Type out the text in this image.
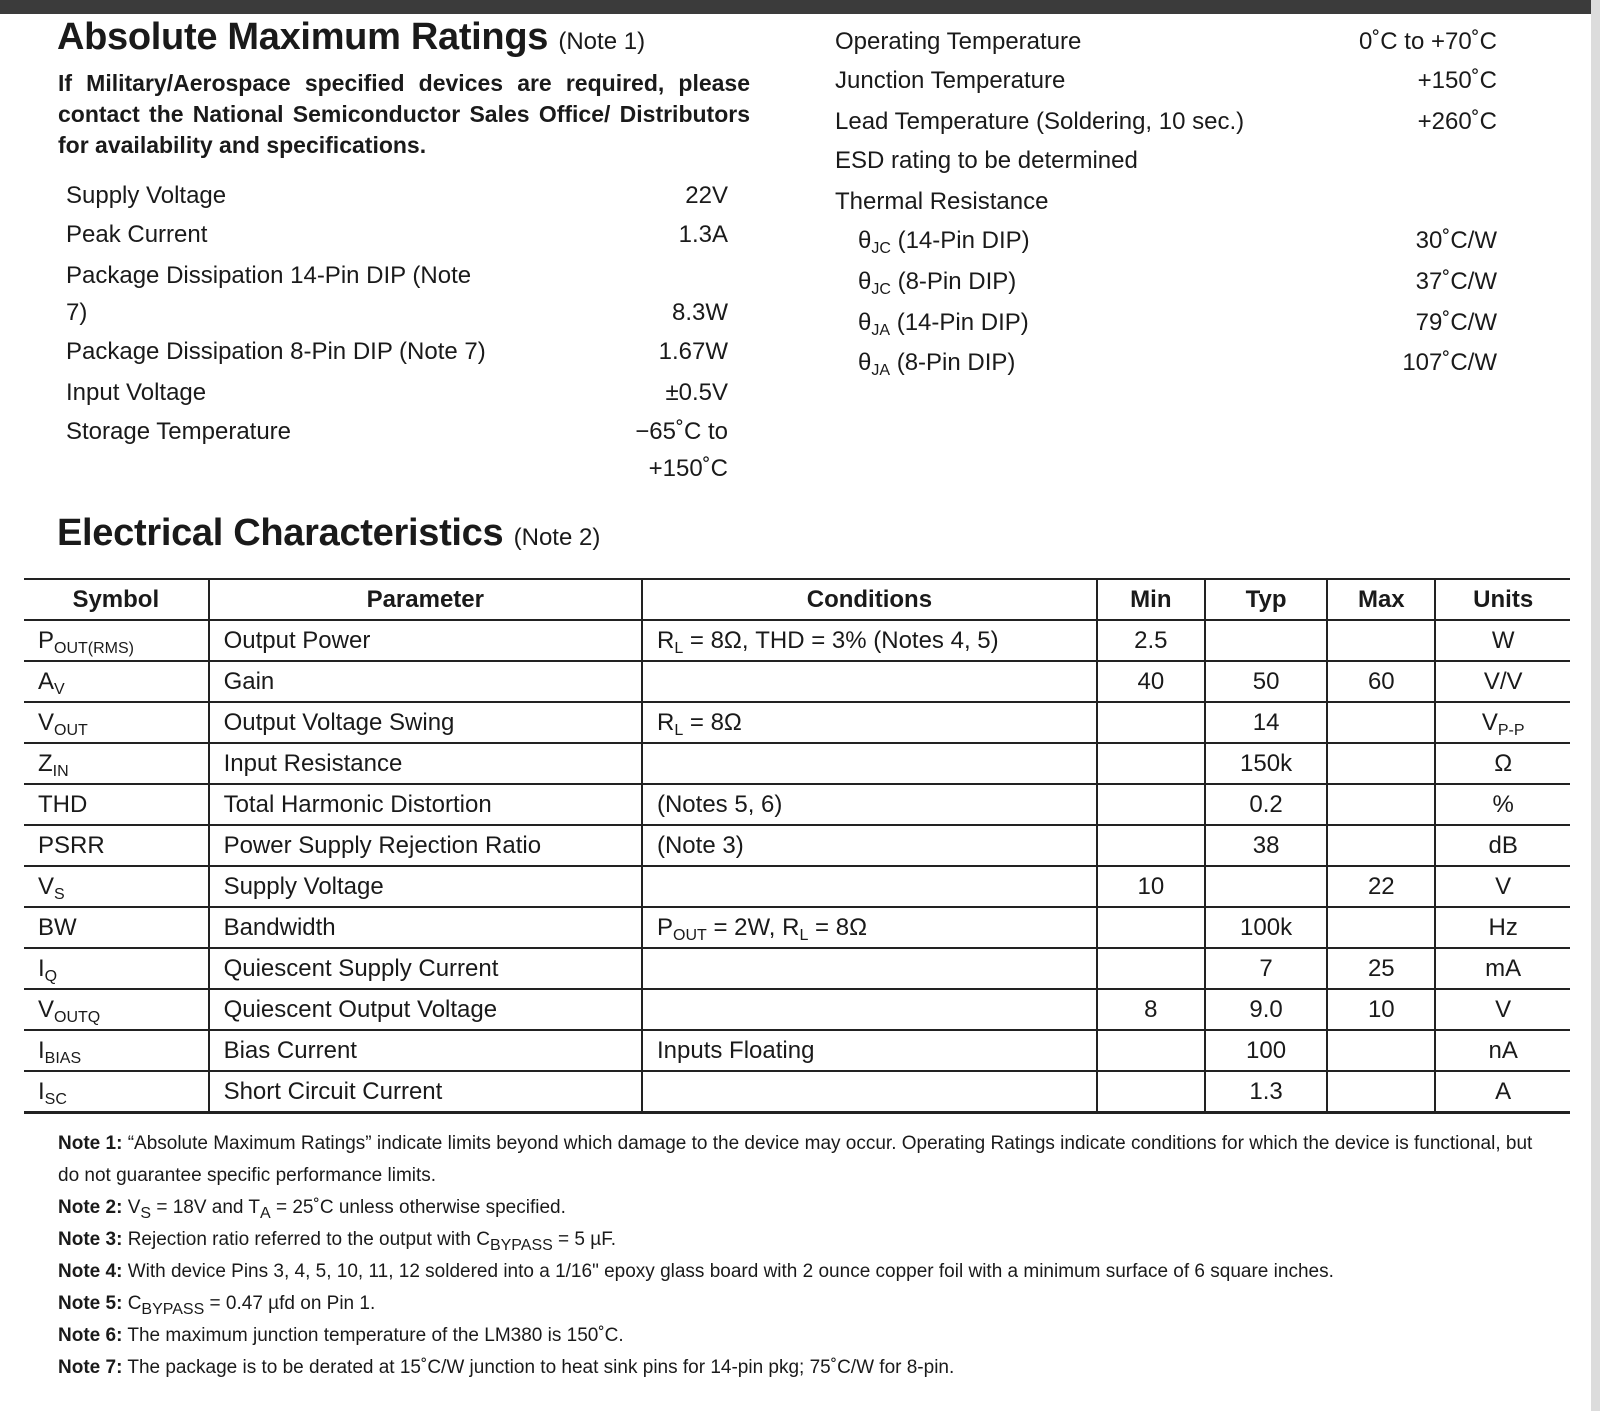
Absolute Maximum Ratings (Note 1)
If Military/Aerospace specified devices are required, please contact the National Semiconductor Sales Office/ Distributors for availability and specifications.
Supply Voltage	22V
Peak Current	1.3A
Package Dissipation 14-Pin DIP (Note
7)	8.3W
Package Dissipation 8-Pin DIP (Note 7)	1.67W
Input Voltage	±0.5V
Storage Temperature	−65˚C to
+150˚C
Operating Temperature	0˚C to +70˚C
Junction Temperature	+150˚C
Lead Temperature (Soldering, 10 sec.)	+260˚C
ESD rating to be determined
Thermal Resistance
$\theta_{JC}$ (14-Pin DIP)	30˚C/W
$\theta_{JC}$ (8-Pin DIP)	37˚C/W
$\theta_{JA}$ (14-Pin DIP)	79˚C/W
$\theta_{JA}$ (8-Pin DIP)	107˚C/W
Electrical Characteristics (Note 2)
Symbol	Parameter	Conditions	Min	Typ	Max	Units
$P_{OUT(RMS)}$	Output Power	$R_L = 8\Omega$, THD = 3% (Notes 4, 5)	2.5			W
$A_V$	Gain		40	50	60	V/V
$V_{OUT}$	Output Voltage Swing	$R_L = 8\Omega$		14		$V_{P-P}$
$Z_{IN}$	Input Resistance			150k		Ω
THD	Total Harmonic Distortion	(Notes 5, 6)		0.2		%
PSRR	Power Supply Rejection Ratio	(Note 3)		38		dB
$V_S$	Supply Voltage		10		22	V
BW	Bandwidth	$P_{OUT} = 2W$, $R_L = 8\Omega$		100k		Hz
$I_Q$	Quiescent Supply Current			7	25	mA
$V_{OUTQ}$	Quiescent Output Voltage		8	9.0	10	V
$I_{BIAS}$	Bias Current	Inputs Floating		100		nA
$I_{SC}$	Short Circuit Current			1.3		A
Note 1: “Absolute Maximum Ratings” indicate limits beyond which damage to the device may occur. Operating Ratings indicate conditions for which the device is functional, but do not guarantee specific performance limits.
Note 2: $V_S = 18V$ and $T_A$ = 25˚C unless otherwise specified.
Note 3: Rejection ratio referred to the output with $C_{BYPASS} = 5$ µF.
Note 4: With device Pins 3, 4, 5, 10, 11, 12 soldered into a 1/16" epoxy glass board with 2 ounce copper foil with a minimum surface of 6 square inches.
Note 5: $C_{BYPASS} = 0.47$ µfd on Pin 1.
Note 6: The maximum junction temperature of the LM380 is 150˚C.
Note 7: The package is to be derated at 15˚C/W junction to heat sink pins for 14-pin pkg; 75˚C/W for 8-pin.
